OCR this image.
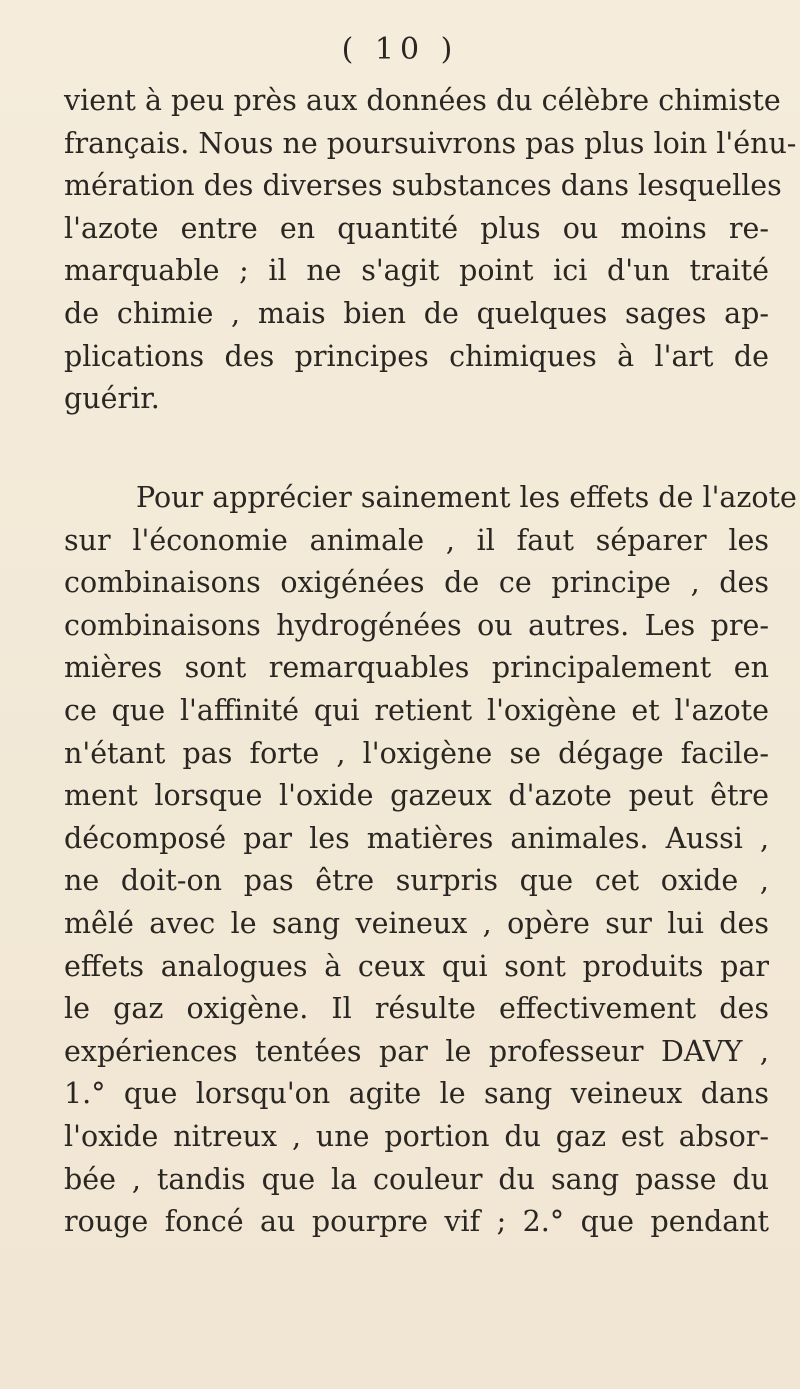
( 10 )
vient à peu près aux données du célèbre chimiste
français. Nous ne poursuivrons pas plus loin l'énu-
mération des diverses substances dans lesquelles
l'azote entre en quantité plus ou moins re-
marquable ; il ne s'agit point ici d'un traité
de chimie , mais bien de quelques sages ap-
plications des principes chimiques à l'art de
guérir.
Pour apprécier sainement les effets de l'azote
sur l'économie animale , il faut séparer les
combinaisons oxigénées de ce principe , des
combinaisons hydrogénées ou autres. Les pre-
mières sont remarquables principalement en
ce que l'affinité qui retient l'oxigène et l'azote
n'étant pas forte , l'oxigène se dégage facile-
ment lorsque l'oxide gazeux d'azote peut être
décomposé par les matières animales. Aussi ,
ne doit-on pas être surpris que cet oxide ,
mêlé avec le sang veineux , opère sur lui des
effets analogues à ceux qui sont produits par
le gaz oxigène. Il résulte effectivement des
expériences tentées par le professeur DAVY ,
1.° que lorsqu'on agite le sang veineux dans
l'oxide nitreux , une portion du gaz est absor-
bée , tandis que la couleur du sang passe du
rouge foncé au pourpre vif ; 2.° que pendant
